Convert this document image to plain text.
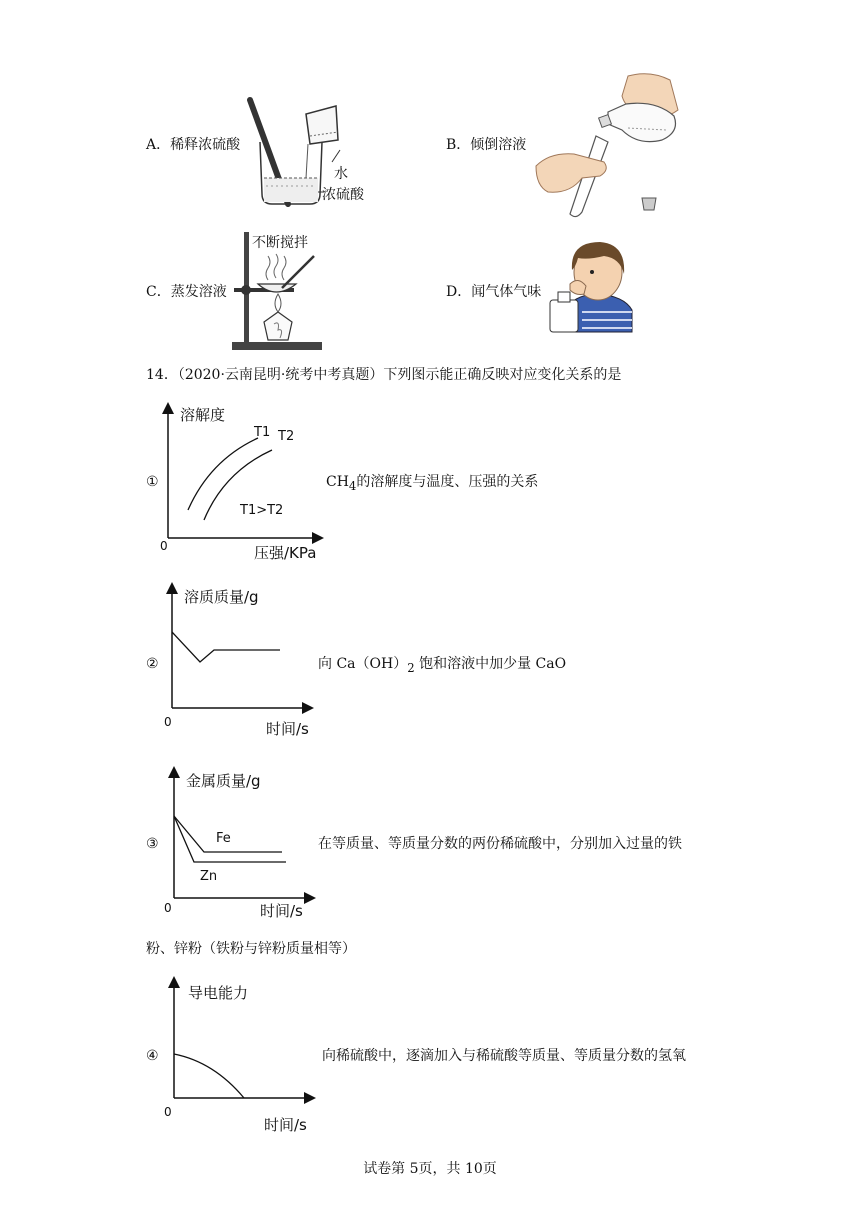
A．稀释浓硫酸
水
浓硫酸
B．倾倒溶液
C．蒸发溶液
不断搅拌
D．闻气体气味
14．（2020·云南昆明·统考中考真题）下列图示能正确反映对应变化关系的是
①
溶解度
0	压强/KPa
T1 T2
T1>T2
$CH_4$的溶解度与温度、压强的关系
②
溶质质量/g
0	时间/s
向 $Ca(OH)_2$ 饱和溶液中加少量 CaO
③
金属质量/g
0	时间/s
Fe
Zn
在等质量、等质量分数的两份稀硫酸中，分别加入过量的铁
粉、锌粉（铁粉与锌粉质量相等）
④
导电能力
0
时间/s
向稀硫酸中，逐滴加入与稀硫酸等质量、等质量分数的氢氧
试卷第 5页，共 10页
